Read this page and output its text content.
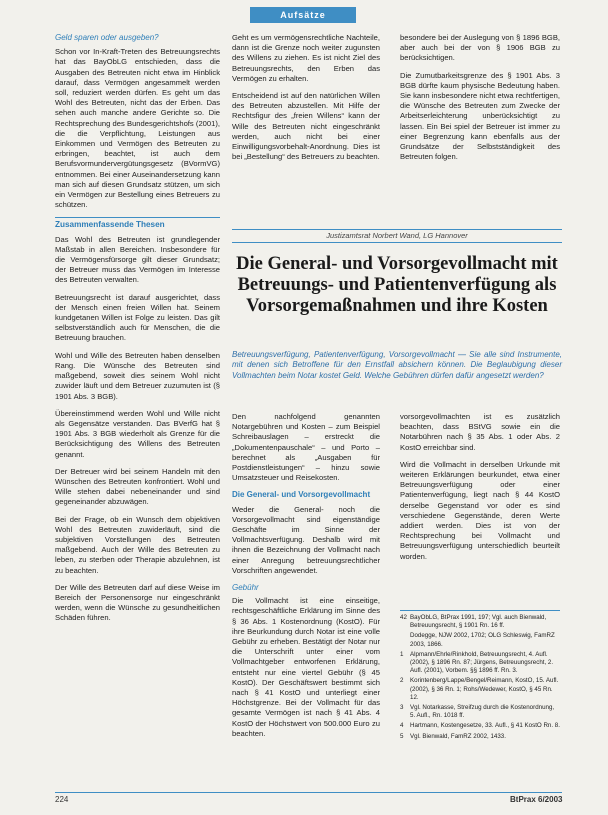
Aufsätze
Geld sparen oder ausgeben?

Schon vor In-Kraft-Treten des Betreuungsrechts hat das BayObLG entschieden, dass die Ausgaben des Betreuten nicht etwa im Hinblick darauf, dass Vermögen angesammelt werden soll, reduziert werden dürfen. Es geht um das Wohl des Betreuten, nicht das der Erben. Das sehen auch manche andere Gerichte so. Die Rechtsprechung des Bundesgerichtshofs (2001), die die Verpflichtung, Leistungen aus Einkommen und Vermögen des Betreuten zu erbringen, beachtet, ist auch dem Berufsvormundervergütungsgesetz (BVormVG) entnommen. Bei einer Auseinandersetzung kann man sich auf diesen Grundsatz stützen, um sich ein Vermögen zur Bestellung eines Betreuers zu schützen.

Zusammenfassende Thesen

Das Wohl des Betreuten ist grundlegender Maßstab in allen Bereichen. Insbesondere für die Vermögensfürsorge gilt dieser Grundsatz; der Betreuer muss das Vermögen im Interesse des Betreuten verwalten.

Betreuungsrecht ist darauf ausgerichtet, dass der Mensch einen freien Willen hat. Seinem kundgetanen Willen ist Folge zu leisten. Das gilt selbstverständlich auch für Menschen, die die Betreuung brauchen.

Wohl und Wille des Betreuten haben denselben Rang. Die Wünsche des Betreuten sind maßgebend, soweit dies seinem Wohl nicht zuwider läuft und dem Betreuer zuzumuten ist (§ 1901 Abs. 3 BGB).

Übereinstimmend werden Wohl und Wille nicht als Gegensätze verstanden. Das BVerfG hat § 1901 Abs. 3 BGB wiederholt als Grenze für die Berücksichtigung des Willens des Betreuten genannt.

Der Betreuer wird bei seinem Handeln mit den Wünschen des Betreuten konfrontiert. Wohl und Wille stehen dabei nebeneinander und sind gegeneinander abzuwägen.

Bei der Frage, ob ein Wunsch dem objektiven Wohl des Betreuten zuwiderläuft, sind die subjektiven Vorstellungen des Betreuten maßgebend. Auch der Wille des Betreuten zu leben, zu sterben oder Therapie abzulehnen, ist zu beachten.

Der Wille des Betreuten darf auf diese Weise im Bereich der Personensorge nur eingeschränkt werden, wenn die Wünsche zu gesundheitlichen Schäden führen.

Geht es um vermögensrechtliche Nachteile, dann ist die Grenze noch weiter zugunsten des Willens zu ziehen. Es ist nicht Ziel des Betreuungsrechts, den Erben das Vermögen zu erhalten.

Entscheidend ist auf den natürlichen Willen des Betreuten abzustellen. Mit Hilfe der Rechtsfigur des „freien Willens“ kann der Wille des Betreuten nicht eingeschränkt werden, auch nicht bei einer Einwilligungsvorbehalt-Anordnung. Dies ist bei „Bestellung“ des Betreuers zu beachten.

besondere bei der Auslegung von § 1896 BGB, aber auch bei der von § 1906 BGB zu berücksichtigen.

Die Zumutbarkeitsgrenze des § 1901 Abs. 3 BGB dürfte kaum physische Bedeutung haben. Sie kann insbesondere nicht etwa rechtfertigen, die Wünsche des Betreuten zum Zwecke der Arbeitserleichterung unberücksichtigt zu lassen. Ein Bei spiel der Betreuer ist immer zu einer Begrenzung kann ebenfalls aus der Grundsätze der Selbstständigkeit des Betreuten folgen.

Justizamtsrat Norbert Wand, LG Hannover
Die General- und Vorsorgevollmacht mit Betreuungs- und Patientenverfügung als Vorsorgemaßnahmen und ihre Kosten
Betreuungsverfügung, Patientenverfügung, Vorsorgevollmacht — Sie alle sind Instrumente, mit denen sich Betroffene für den Ernstfall absichern können. Die Beglaubigung dieser Vollmachten beim Notar kostet Geld. Welche Gebühren dürfen dafür angesetzt werden?

Den nachfolgend genannten Notargebühren und Kosten – zum Beispiel Schreibauslagen – erstreckt die „Dokumentenpauschale“ – und Porto – berechnet als „Ausgaben für Postdienstleistungen“ – hinzu sowie Umsatzsteuer und Reisekosten.

Die General- und Vorsorgevollmacht

Weder die General- noch die Vorsorgevollmacht sind eigenständige Geschäfte im Sinne der Vollmachtsverfügung. Deshalb wird mit ihnen die Bezeichnung der Vollmacht nach einer Anregung betreuungsrechtlicher Vorschriften angewendet.

Gebühr

Die Vollmacht ist eine einseitige, rechtsgeschäftliche Erklärung im Sinne des § 36 Abs. 1 Kostenordnung (KostO). Für ihre Beurkundung durch Notar ist eine volle Gebühr zu erheben. Bestätigt der Notar nur die Unterschrift unter einer vom Vollmachtgeber entworfenen Erklärung, entsteht nur eine viertel Gebühr (§ 45 KostO). Der Geschäftswert bestimmt sich nach § 41 KostO und unterliegt einer Höchstgrenze. Bei der Vollmacht für das gesamte Vermögen ist nach § 41 Abs. 4 KostO der Höchstwert von 500.000 Euro zu beachten.

vorsorgevollmachten ist es zusätzlich beachten, dass BStVG sowie ein die Notarbühren nach § 35 Abs. 1 oder Abs. 2 KostO erreichbar sind.

Wird die Vollmacht in derselben Urkunde mit weiteren Erklärungen beurkundet, etwa einer Betreuungsverfügung oder einer Patientenverfügung, liegt nach § 44 KostO derselbe Gegenstand vor oder es sind verschiedene Gegenstände, deren Werte addiert werden. Dies ist von der Rechtsprechung bei Vollmacht und Betreuungsverfügung unterschiedlich beurteilt worden.

42 BayObLG, BtPrax 1991, 197; Vgl. auch Bienwald, Betreuungsrecht, § 1901 Rn. 16 ff.
Dodegge, NJW 2002, 1702; OLG Schleswig, FamRZ 2003, 1866.
1	Alpmann/Ehrle/Rinkhold, Betreuungsrecht, 4. Aufl. (2002), § 1896 Rn. 87; Jürgens, Betreuungsrecht, 2. Aufl. (2001), Vorbem. §§ 1896 ff. Rn. 3.
2	Korintenberg/Lappe/Bengel/Reimann, KostO, 15. Aufl. (2002), § 36 Rn. 1; Rohs/Wedewer, KostO, § 45 Rn. 12.
3	Vgl. Notarkasse, Streifzug durch die Kostenordnung, 5. Aufl., Rn. 1018 ff.
4	Hartmann, Kostengesetze, 33. Aufl., § 41 KostO Rn. 8.
5	Vgl. Bienwald, FamRZ 2002, 1433.
224	BtPrax 6/2003
